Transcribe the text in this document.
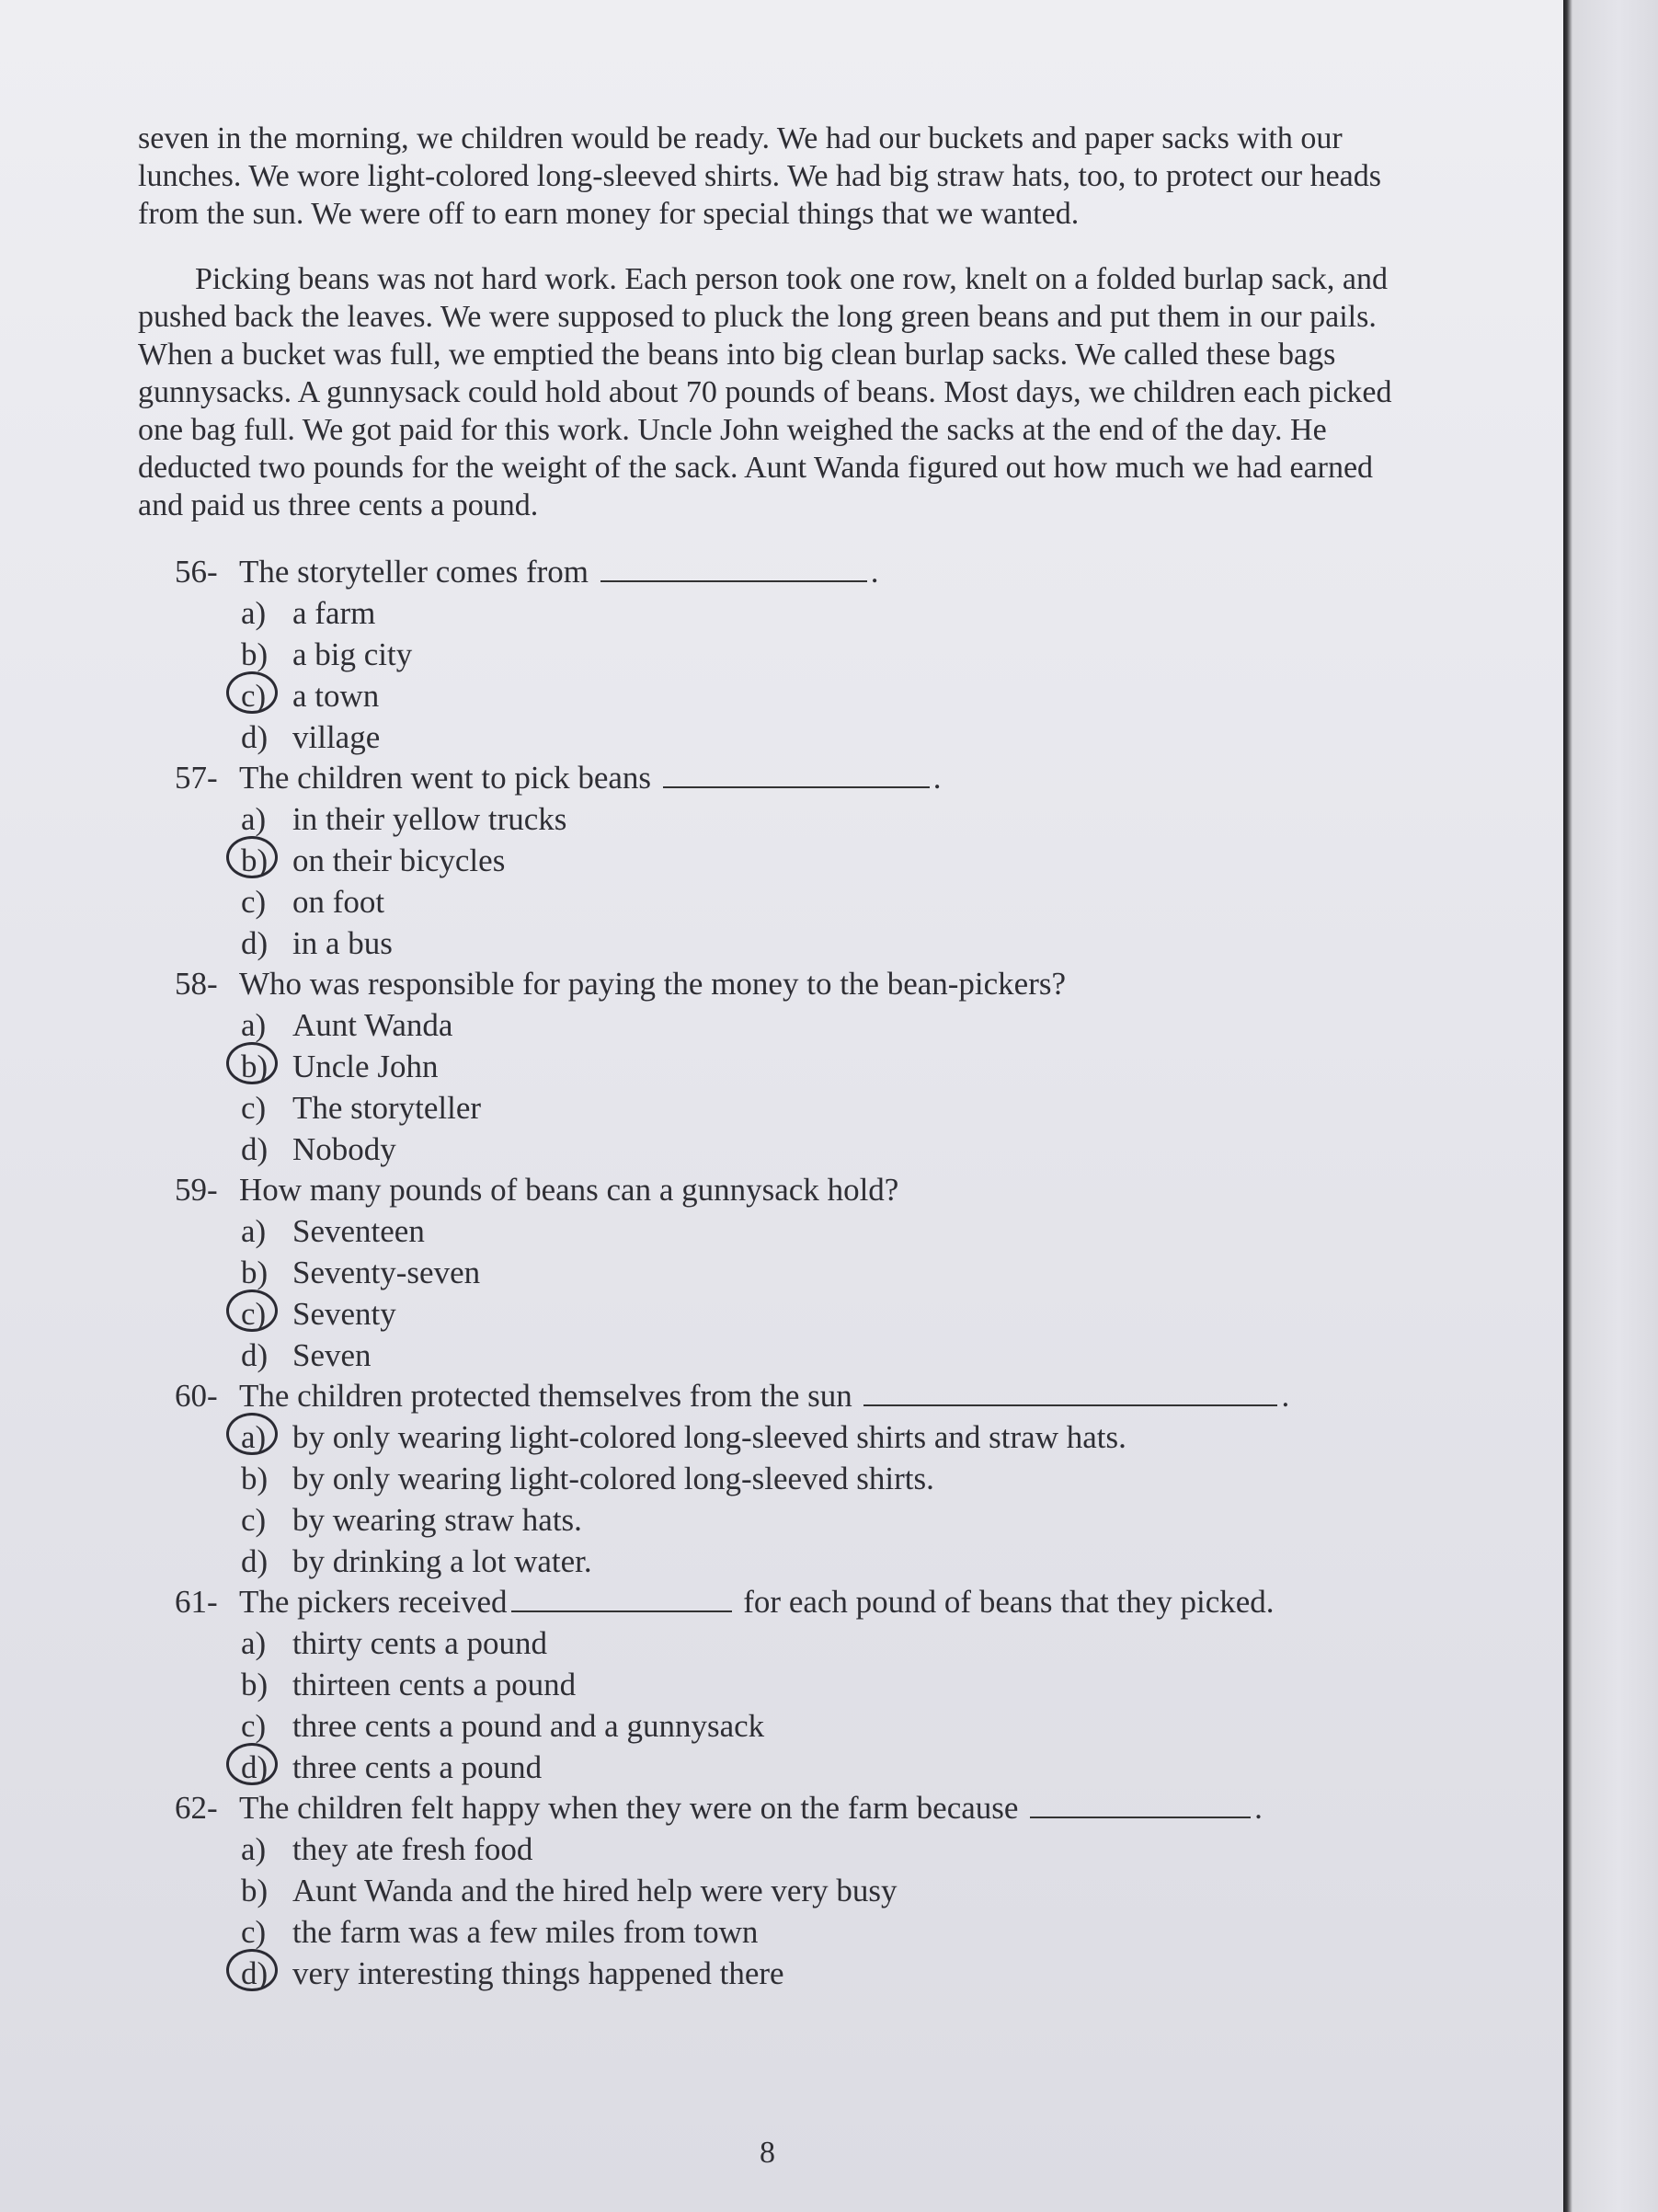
seven in the morning, we children would be ready. We had our buckets and paper sacks with our lunches. We wore light-colored long-sleeved shirts. We had big straw hats, too, to protect our heads from the sun. We were off to earn money for special things that we wanted.

Picking beans was not hard work. Each person took one row, knelt on a folded burlap sack, and pushed back the leaves. We were supposed to pluck the long green beans and put them in our pails. When a bucket was full, we emptied the beans into big clean burlap sacks. We called these bags gunnysacks. A gunnysack could hold about 70 pounds of beans. Most days, we children each picked one bag full. We got paid for this work. Uncle John weighed the sacks at the end of the day. He deducted two pounds for the weight of the sack. Aunt Wanda figured out how much we had earned and paid us three cents a pound.

56- The storyteller comes from	.

a) a farm
b) a big city
c) a town
d) village

57- The children went to pick beans	.

a) in their yellow trucks
b) on their bicycles
c) on foot
d) in a bus

58- Who was responsible for paying the money to the bean-pickers?

a) Aunt Wanda
b) Uncle John
c) The storyteller
d) Nobody

59- How many pounds of beans can a gunnysack hold?

a) Seventeen
b) Seventy-seven
c) Seventy
d) Seven

60- The children protected themselves from the sun	.

a) by only wearing light-colored long-sleeved shirts and straw hats.
b) by only wearing light-colored long-sleeved shirts.
c) by wearing straw hats.
d) by drinking a lot water.

61- The pickers received	for each pound of beans that they picked.

a) thirty cents a pound
b) thirteen cents a pound
c) three cents a pound and a gunnysack
d) three cents a pound

62- The children felt happy when they were on the farm because	.

a) they ate fresh food
b) Aunt Wanda and the hired help were very busy
c) the farm was a few miles from town
d) very interesting things happened there
8
